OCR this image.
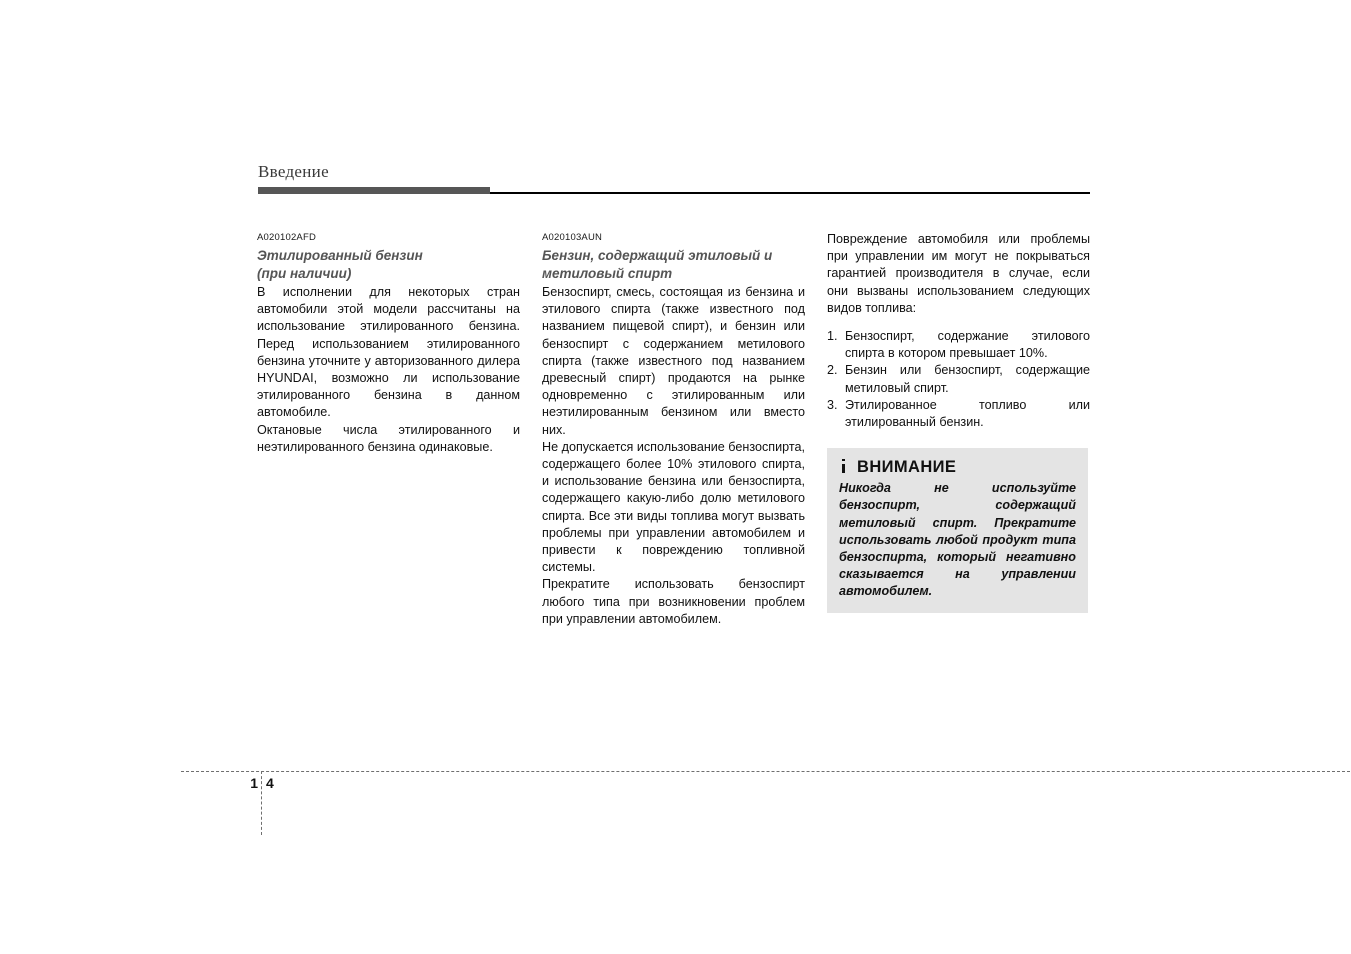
Введение
A020102AFD
Этилированный бензин
(при наличии)

В исполнении для некоторых стран автомобили этой модели рассчитаны на использование этилированного бензина. Перед использованием этилированного бензина уточните у авторизованного дилера HYUNDAI, возможно ли использование этилированного бензина в данном автомобиле.

Октановые числа этилированного и неэтилированного бензина одинаковые.

A020103AUN
Бензин, содержащий этиловый и
метиловый спирт

Бензоспирт, смесь, состоящая из бензина и этилового спирта (также известного под названием пищевой спирт), и бензин или бензоспирт с содержанием метилового спирта (также известного под названием древесный спирт) продаются на рынке одновременно с этилированным или неэтилированным бензином или вместо них.

Не допускается использование бензоспирта, содержащего более 10% этилового спирта, и использование бензина или бензоспирта, содержащего какую-либо долю метилового спирта. Все эти виды топлива могут вызвать проблемы при управлении автомобилем и привести к повреждению топливной системы.

Прекратите использовать бензоспирт любого типа при возникновении проблем при управлении автомобилем.

Повреждение автомобиля или проблемы при управлении им могут не покрываться гарантией производителя в случае, если они вызваны использованием следующих видов топлива:

1. Бензоспирт, содержание этилового спирта в котором превышает 10%.
2. Бензин или бензоспирт, содержащие метиловый спирт.
3. Этилированное топливо или этилированный бензин.
ВНИМАНИЕ

Никогда не используйте бензоспирт, содержащий метиловый спирт. Прекратите использовать любой продукт типа бензоспирта, который негативно сказывается на управлении автомобилем.

1 4
